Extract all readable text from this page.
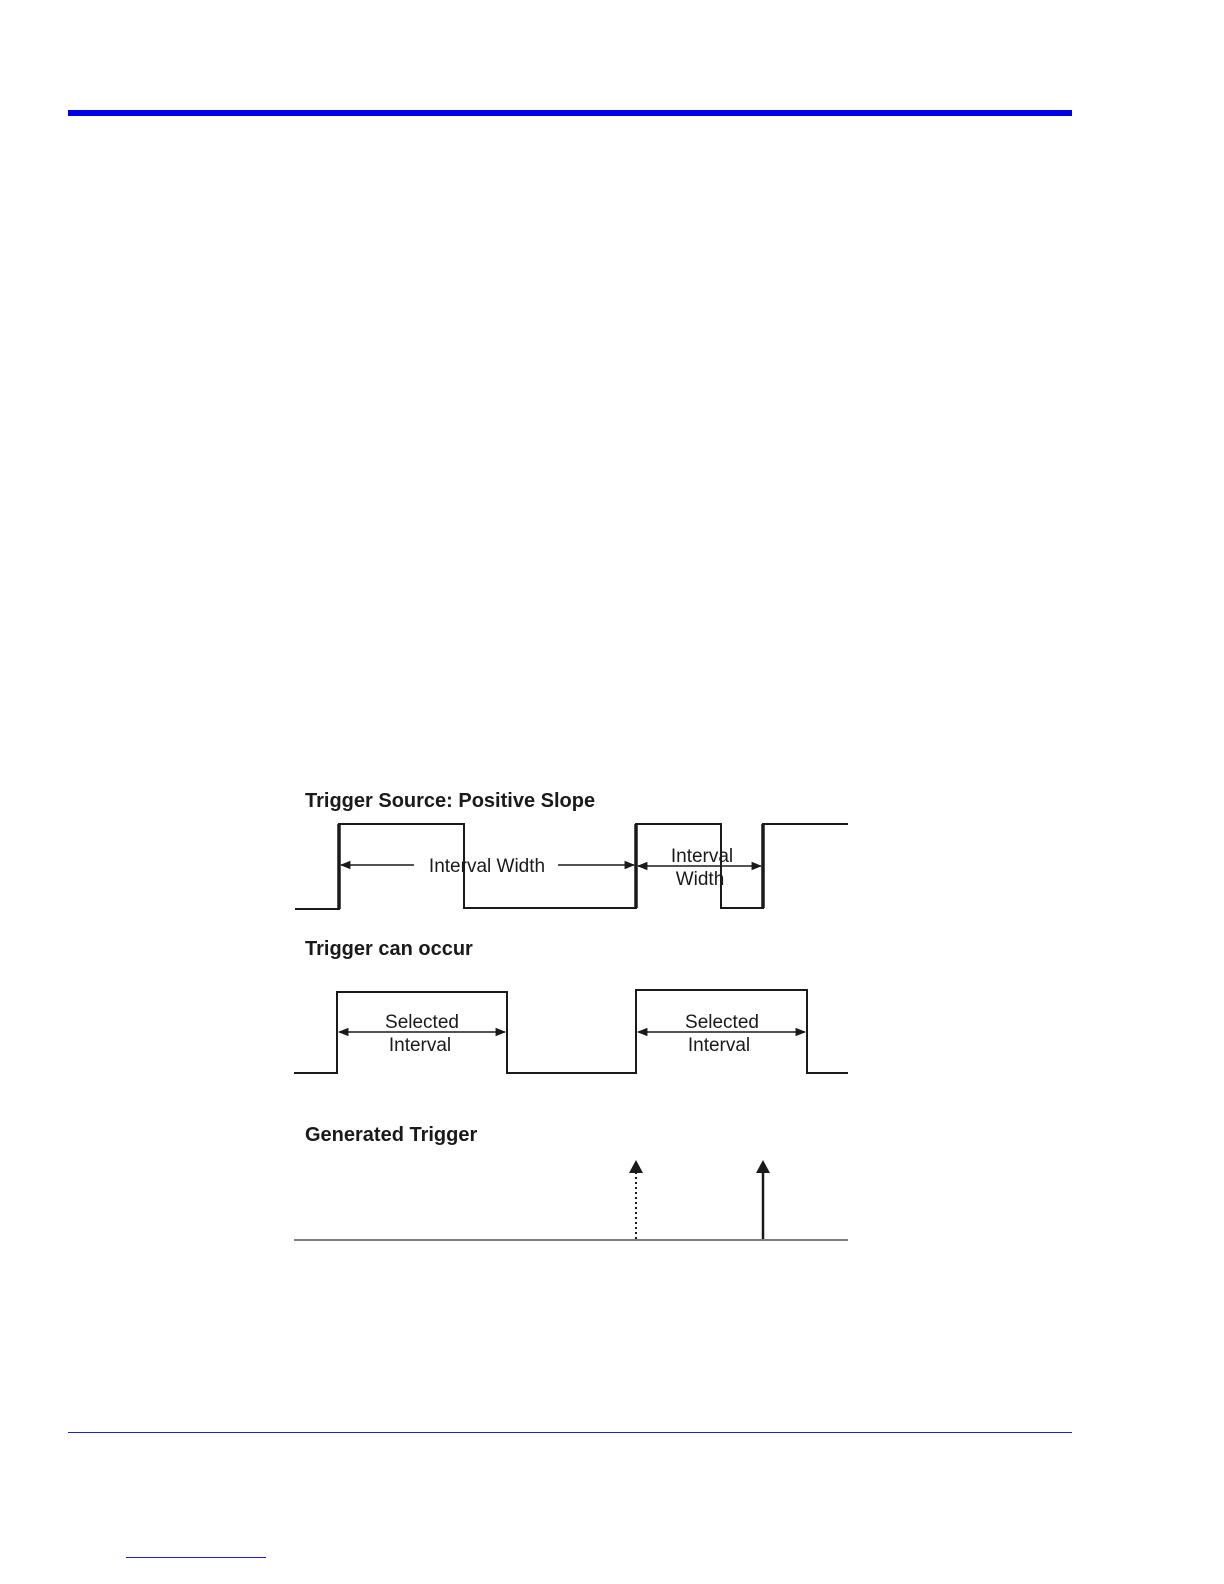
Trigger Source: Positive Slope
Interval Width	Interval
Width
Trigger can occur
Selected
Interval
Selected
Interval
Generated Trigger
